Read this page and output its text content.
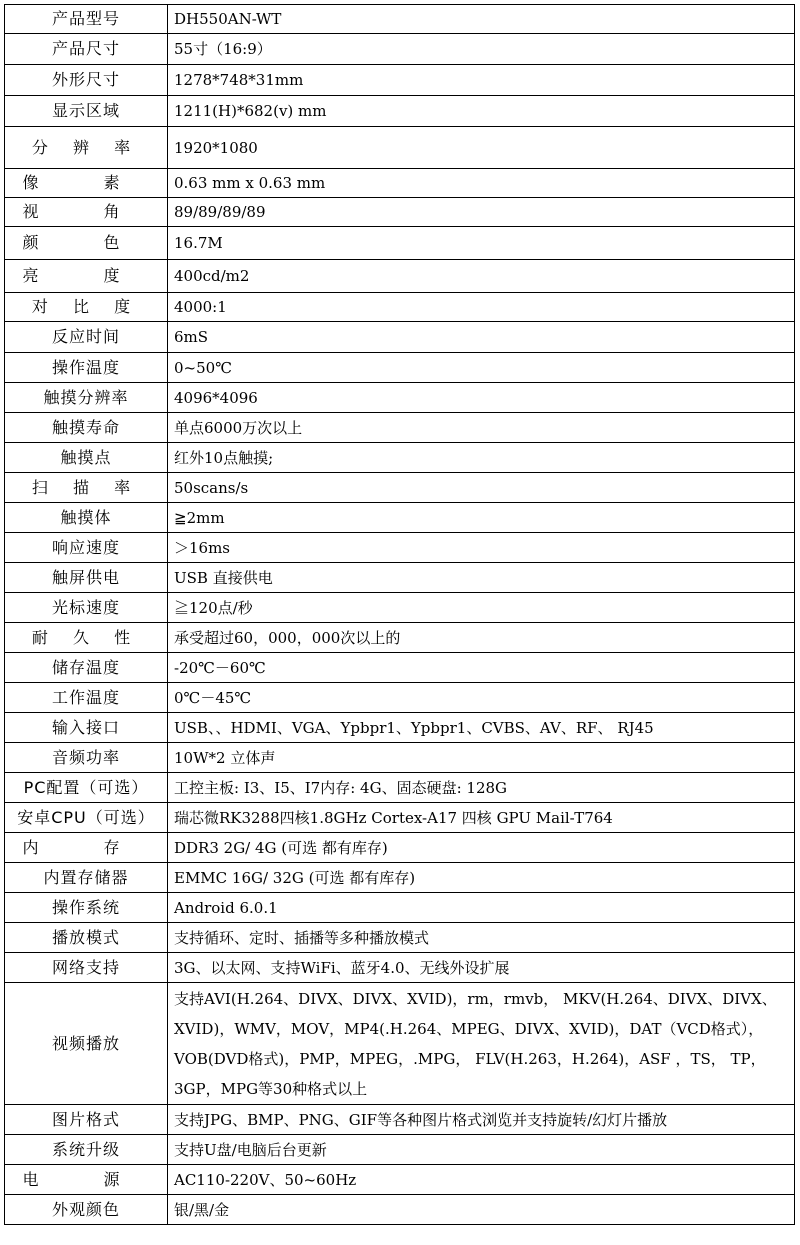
产品型号	DH550AN-WT
产品尺寸	55寸（16:9）
外形尺寸	1278*748*31mm
显示区域	1211(H)*682(v) mm
分 辨 率	1920*1080
像 素	0.63 mm x 0.63 mm
视 角	89/89/89/89
颜 色	16.7M
亮 度	400cd/m2
对 比 度	4000:1
反应时间	6mS
操作温度	0~50℃
触摸分辨率	4096*4096
触摸寿命	单点6000万次以上
触摸点	红外10点触摸;
扫 描 率	50scans/s
触摸体	≧2mm
响应速度	＞16ms
触屏供电	USB 直接供电
光标速度	≧120点/秒
耐 久 性	承受超过60，000，000次以上的
储存温度	-20℃－60℃
工作温度	0℃－45℃
输入接口	USB、、HDMI、VGA、Ypbpr1、Ypbpr1、CVBS、AV、RF、 RJ45
音频功率	10W*2 立体声
PC配置（可选）	工控主板: I3、I5、I7内存: 4G、固态硬盘: 128G
安卓CPU（可选）	瑞芯微RK3288四核1.8GHz Cortex-A17 四核 GPU Mail-T764
内 存	DDR3 2G/ 4G (可选 都有库存)
内置存储器	EMMC 16G/ 32G (可选 都有库存)
操作系统	Android 6.0.1
播放模式	支持循环、定时、插播等多种播放模式
网络支持	3G、以太网、支持WiFi、蓝牙4.0、无线外设扩展
视频播放	支持AVI(H.264、DIVX、DIVX、XVID)，rm，rmvb， MKV(H.264、DIVX、DIVX、XVID)，WMV，MOV，MP4(.H.264、MPEG、DIVX、XVID)，DAT（VCD格式），VOB(DVD格式)，PMP，MPEG，.MPG， FLV(H.263，H.264)，ASF ，TS， TP，3GP，MPG等30种格式以上
图片格式	支持JPG、BMP、PNG、GIF等各种图片格式浏览并支持旋转/幻灯片播放
系统升级	支持U盘/电脑后台更新
电 源	AC110-220V、50~60Hz
外观颜色	银/黑/金
